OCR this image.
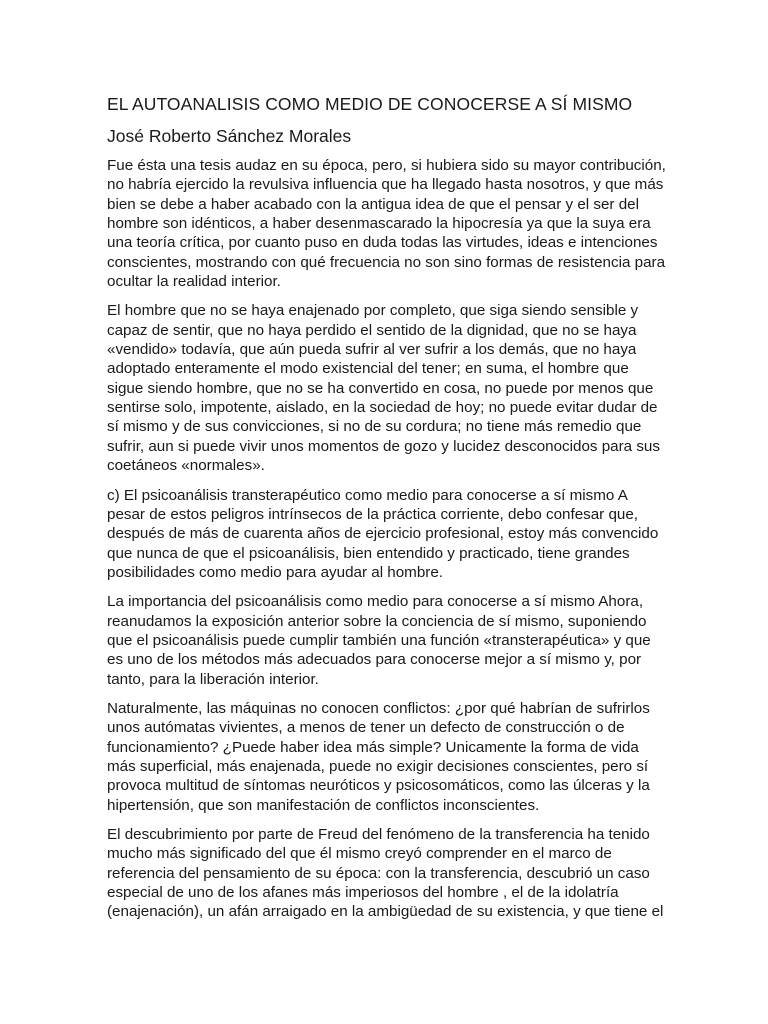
EL AUTOANALISIS COMO MEDIO DE CONOCERSE A SÍ MISMO
José Roberto Sánchez Morales
Fue ésta una tesis audaz en su época, pero, si hubiera sido su mayor contribución,
no habría ejercido la revulsiva influencia que ha llegado hasta nosotros, y que más
bien se debe a haber acabado con la antigua idea de que el pensar y el ser del
hombre son idénticos, a haber desenmascarado la hipocresía ya que la suya era
una teoría crítica, por cuanto puso en duda todas las virtudes, ideas e intenciones
conscientes, mostrando con qué frecuencia no son sino formas de resistencia para
ocultar la realidad interior.
El hombre que no se haya enajenado por completo, que siga siendo sensible y
capaz de sentir, que no haya perdido el sentido de la dignidad, que no se haya
«vendido» todavía, que aún pueda sufrir al ver sufrir a los demás, que no haya
adoptado enteramente el modo existencial del tener; en suma, el hombre que
sigue siendo hombre, que no se ha convertido en cosa, no puede por menos que
sentirse solo, impotente, aislado, en la sociedad de hoy; no puede evitar dudar de
sí mismo y de sus convicciones, si no de su cordura; no tiene más remedio que
sufrir, aun si puede vivir unos momentos de gozo y lucidez desconocidos para sus
coetáneos «normales».
c) El psicoanálisis transterapéutico como medio para conocerse a sí mismo A
pesar de estos peligros intrínsecos de la práctica corriente, debo confesar que,
después de más de cuarenta años de ejercicio profesional, estoy más convencido
que nunca de que el psicoanálisis, bien entendido y practicado, tiene grandes
posibilidades como medio para ayudar al hombre.
La importancia del psicoanálisis como medio para conocerse a sí mismo Ahora,
reanudamos la exposición anterior sobre la conciencia de sí mismo, suponiendo
que el psicoanálisis puede cumplir también una función «transterapéutica» y que
es uno de los métodos más adecuados para conocerse mejor a sí mismo y, por
tanto, para la liberación interior.
Naturalmente, las máquinas no conocen conflictos: ¿por qué habrían de sufrirlos
unos autómatas vivientes, a menos de tener un defecto de construcción o de
funcionamiento? ¿Puede haber idea más simple? Unicamente la forma de vida
más superficial, más enajenada, puede no exigir decisiones conscientes, pero sí
provoca multitud de síntomas neuróticos y psicosomáticos, como las úlceras y la
hipertensión, que son manifestación de conflictos inconscientes.
El descubrimiento por parte de Freud del fenómeno de la transferencia ha tenido
mucho más significado del que él mismo creyó comprender en el marco de
referencia del pensamiento de su época: con la transferencia, descubrió un caso
especial de uno de los afanes más imperiosos del hombre , el de la idolatría
(enajenación), un afán arraigado en la ambigüedad de su existencia, y que tiene el
